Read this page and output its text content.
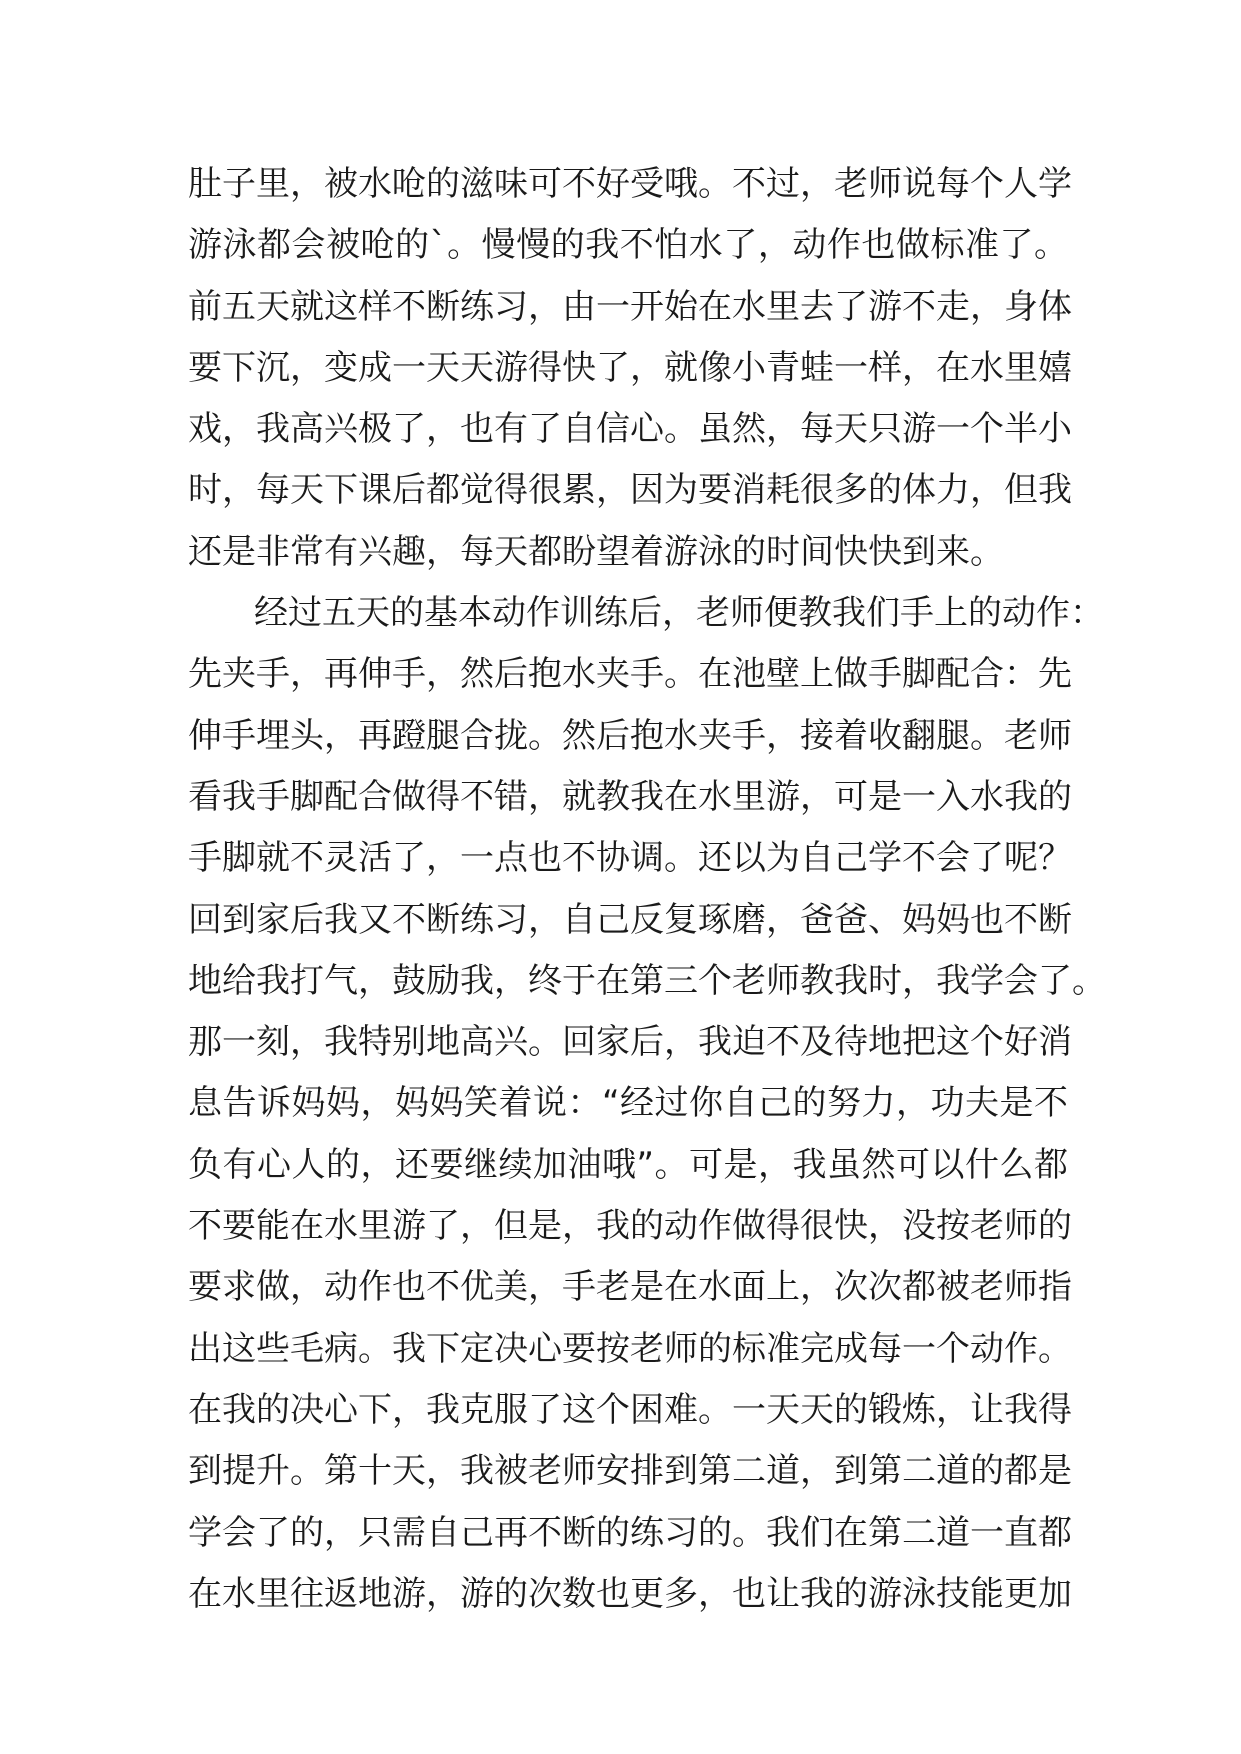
肚子里，被水呛的滋味可不好受哦。不过，老师说每个人学
游泳都会被呛的`。慢慢的我不怕水了，动作也做标准了。
前五天就这样不断练习，由一开始在水里去了游不走，身体
要下沉，变成一天天游得快了，就像小青蛙一样，在水里嬉
戏，我高兴极了，也有了自信心。虽然，每天只游一个半小
时，每天下课后都觉得很累，因为要消耗很多的体力，但我
还是非常有兴趣，每天都盼望着游泳的时间快快到来。
经过五天的基本动作训练后，老师便教我们手上的动作：
先夹手，再伸手，然后抱水夹手。在池壁上做手脚配合：先
伸手埋头，再蹬腿合拢。然后抱水夹手，接着收翻腿。老师
看我手脚配合做得不错，就教我在水里游，可是一入水我的
手脚就不灵活了，一点也不协调。还以为自己学不会了呢？
回到家后我又不断练习，自己反复琢磨，爸爸、妈妈也不断
地给我打气，鼓励我，终于在第三个老师教我时，我学会了。
那一刻，我特别地高兴。回家后，我迫不及待地把这个好消
息告诉妈妈，妈妈笑着说：“经过你自己的努力，功夫是不
负有心人的，还要继续加油哦”。可是，我虽然可以什么都
不要能在水里游了，但是，我的动作做得很快，没按老师的
要求做，动作也不优美，手老是在水面上，次次都被老师指
出这些毛病。我下定决心要按老师的标准完成每一个动作。
在我的决心下，我克服了这个困难。一天天的锻炼，让我得
到提升。第十天，我被老师安排到第二道，到第二道的都是
学会了的，只需自己再不断的练习的。我们在第二道一直都
在水里往返地游，游的次数也更多，也让我的游泳技能更加
